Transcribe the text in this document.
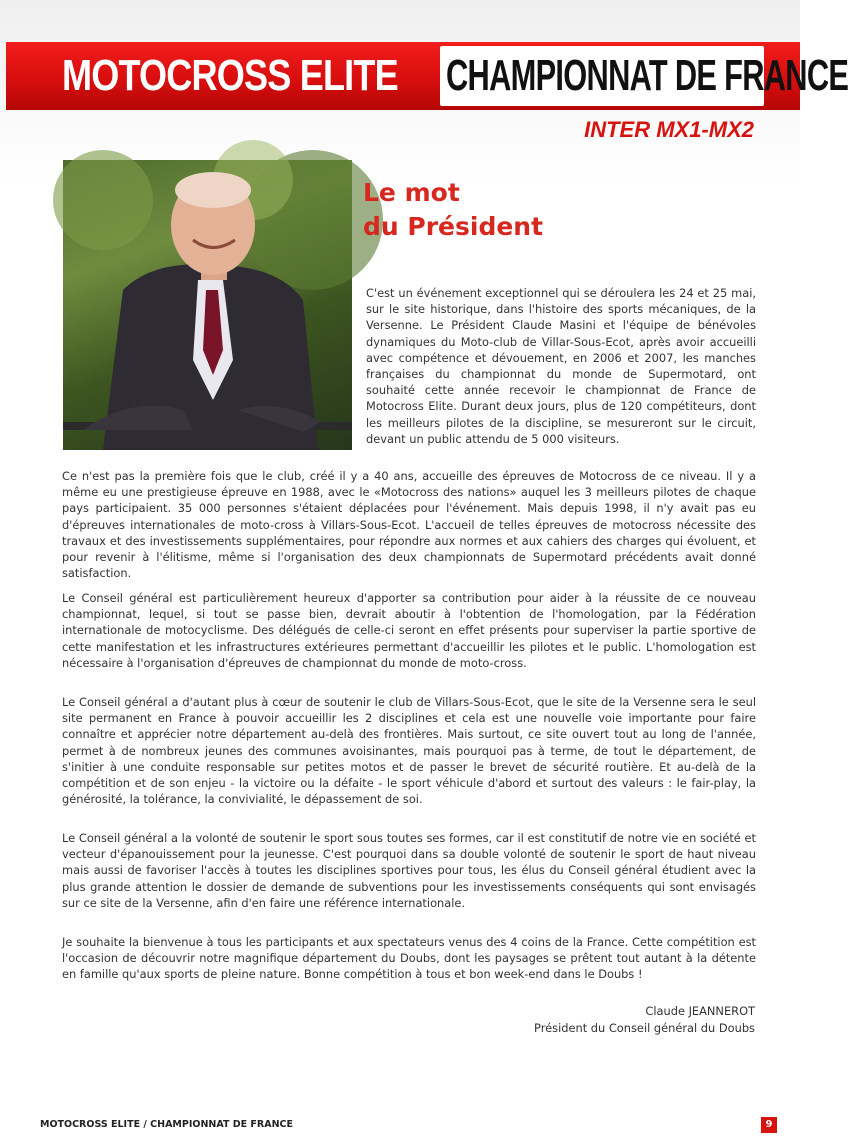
MOTOCROSS ELITE CHAMPIONNAT DE FRANCE
INTER MX1-MX2
Le mot
du Président
C'est un événement exceptionnel qui se déroulera les 24 et 25 mai, sur le site historique, dans l'histoire des sports mécaniques, de la Versenne. Le Président Claude Masini et l'équipe de bénévoles dynamiques du Moto-club de Villar-Sous-Ecot, après avoir accueilli avec compétence et dévouement, en 2006 et 2007, les manches françaises du championnat du monde de Supermotard, ont souhaité cette année recevoir le championnat de France de Motocross Elite. Durant deux jours, plus de 120 compétiteurs, dont les meilleurs pilotes de la discipline, se mesureront sur le circuit, devant un public attendu de 5 000 visiteurs.
Ce n'est pas la première fois que le club, créé il y a 40 ans, accueille des épreuves de Motocross de ce niveau. Il y a même eu une prestigieuse épreuve en 1988, avec le «Motocross des nations» auquel les 3 meilleurs pilotes de chaque pays participaient. 35 000 personnes s'étaient déplacées pour l'événement. Mais depuis 1998, il n'y avait pas eu d'épreuves internationales de moto-cross à Villars-Sous-Ecot. L'accueil de telles épreuves de motocross nécessite des travaux et des investissements supplémentaires, pour répondre aux normes et aux cahiers des charges qui évoluent, et pour revenir à l'élitisme, même si l'organisation des deux championnats de Supermotard précédents avait donné satisfaction.
Le Conseil général est particulièrement heureux d'apporter sa contribution pour aider à la réussite de ce nouveau championnat, lequel, si tout se passe bien, devrait aboutir à l'obtention de l'homologation, par la Fédération internationale de motocyclisme. Des délégués de celle-ci seront en effet présents pour superviser la partie sportive de cette manifestation et les infrastructures extérieures permettant d'accueillir les pilotes et le public. L'homologation est nécessaire à l'organisation d'épreuves de championnat du monde de moto-cross.
Le Conseil général a d'autant plus à cœur de soutenir le club de Villars-Sous-Ecot, que le site de la Versenne sera le seul site permanent en France à pouvoir accueillir les 2 disciplines et cela est une nouvelle voie importante pour faire connaître et apprécier notre département au-delà des frontières. Mais surtout, ce site ouvert tout au long de l'année, permet à de nombreux jeunes des communes avoisinantes, mais pourquoi pas à terme, de tout le département, de s'initier à une conduite responsable sur petites motos et de passer le brevet de sécurité routière. Et au-delà de la compétition et de son enjeu - la victoire ou la défaite - le sport véhicule d'abord et surtout des valeurs : le fair-play, la générosité, la tolérance, la convivialité, le dépassement de soi.
Le Conseil général a la volonté de soutenir le sport sous toutes ses formes, car il est constitutif de notre vie en société et vecteur d'épanouissement pour la jeunesse. C'est pourquoi dans sa double volonté de soutenir le sport de haut niveau mais aussi de favoriser l'accès à toutes les disciplines sportives pour tous, les élus du Conseil général étudient avec la plus grande attention le dossier de demande de subventions pour les investissements conséquents qui sont envisagés sur ce site de la Versenne, afin d'en faire une référence internationale.
Je souhaite la bienvenue à tous les participants et aux spectateurs venus des 4 coins de la France. Cette compétition est l'occasion de découvrir notre magnifique département du Doubs, dont les paysages se prêtent tout autant à la détente en famille qu'aux sports de pleine nature. Bonne compétition à tous et bon week-end dans le Doubs !
Claude JEANNEROT
Président du Conseil général du Doubs
MOTOCROSS ELITE / CHAMPIONNAT DE FRANCE	9
